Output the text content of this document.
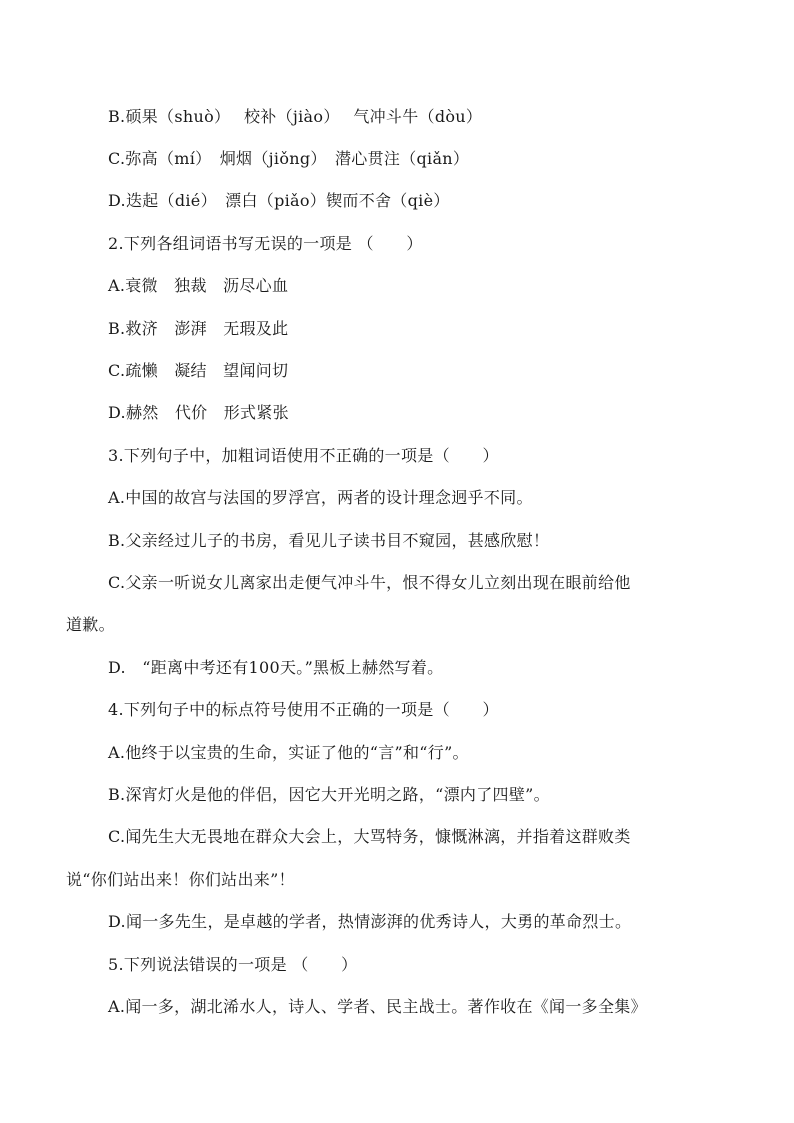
B.硕果（shuò）　 校补（jiào）　 气冲斗牛（dòu）
C.弥高（mí）　炯烟（jiǒng）　潜心贯注（qiǎn）
D.迭起（dié）　漂白（piǎo）锲而不舍（qiè）
2.下列各组词语书写无误的一项是 （　　）
A.衰微　独裁　沥尽心血
B.救济　澎湃　无瑕及此
C.疏懒　凝结　望闻问切
D.赫然　代价　形式紧张
3.下列句子中，加粗词语使用不正确的一项是（　　）
A.中国的故宫与法国的罗浮宫，两者的设计理念迥乎不同。
B.父亲经过儿子的书房，看见儿子读书目不窥园，甚感欣慰！
C.父亲一听说女儿离家出走便气冲斗牛，恨不得女儿立刻出现在眼前给他
道歉。
D.　“距离中考还有100天。”黑板上赫然写着。
4.下列句子中的标点符号使用不正确的一项是（　　）
A.他终于以宝贵的生命，实证了他的“言”和“行”。
B.深宵灯火是他的伴侣，因它大开光明之路，“漂内了四壁”。
C.闻先生大无畏地在群众大会上，大骂特务，慷慨淋漓，并指着这群败类
说“你们站出来！你们站出来”！
D.闻一多先生，是卓越的学者，热情澎湃的优秀诗人，大勇的革命烈士。
5.下列说法错误的一项是 （　　）
A.闻一多，湖北浠水人，诗人、学者、民主战士。著作收在《闻一多全集》
